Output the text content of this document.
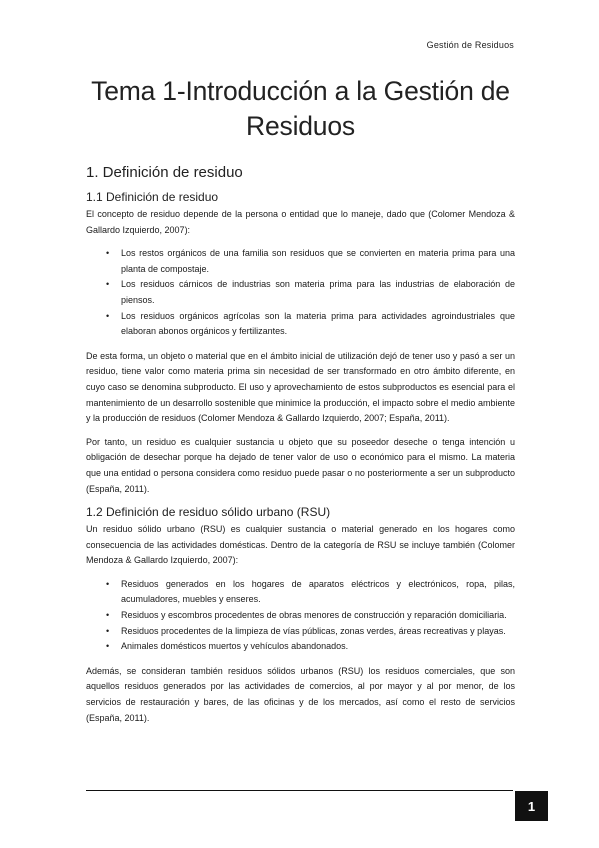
Gestión de Residuos
Tema 1-Introducción a la Gestión de Residuos
1. Definición de residuo
1.1 Definición de residuo

El concepto de residuo depende de la persona o entidad que lo maneje, dado que (Colomer Mendoza & Gallardo Izquierdo, 2007):

• Los restos orgánicos de una familia son residuos que se convierten en materia prima para una planta de compostaje.
• Los residuos cárnicos de industrias son materia prima para las industrias de elaboración de piensos.
• Los residuos orgánicos agrícolas son la materia prima para actividades agroindustriales que elaboran abonos orgánicos y fertilizantes.

De esta forma, un objeto o material que en el ámbito inicial de utilización dejó de tener uso y pasó a ser un residuo, tiene valor como materia prima sin necesidad de ser transformado en otro ámbito diferente, en cuyo caso se denomina subproducto. El uso y aprovechamiento de estos subproductos es esencial para el mantenimiento de un desarrollo sostenible que minimice la producción, el impacto sobre el medio ambiente y la producción de residuos (Colomer Mendoza & Gallardo Izquierdo, 2007; España, 2011).

Por tanto, un residuo es cualquier sustancia u objeto que su poseedor deseche o tenga intención u obligación de desechar porque ha dejado de tener valor de uso o económico para el mismo. La materia que una entidad o persona considera como residuo puede pasar o no posteriormente a ser un subproducto (España, 2011).

1.2 Definición de residuo sólido urbano (RSU)

Un residuo sólido urbano (RSU) es cualquier sustancia o material generado en los hogares como consecuencia de las actividades domésticas. Dentro de la categoría de RSU se incluye también (Colomer Mendoza & Gallardo Izquierdo, 2007):

• Residuos generados en los hogares de aparatos eléctricos y electrónicos, ropa, pilas, acumuladores, muebles y enseres.
• Residuos y escombros procedentes de obras menores de construcción y reparación domiciliaria.
• Residuos procedentes de la limpieza de vías públicas, zonas verdes, áreas recreativas y playas.
• Animales domésticos muertos y vehículos abandonados.

Además, se consideran también residuos sólidos urbanos (RSU) los residuos comerciales, que son aquellos residuos generados por las actividades de comercios, al por mayor y al por menor, de los servicios de restauración y bares, de las oficinas y de los mercados, así como el resto de servicios (España, 2011).

1
